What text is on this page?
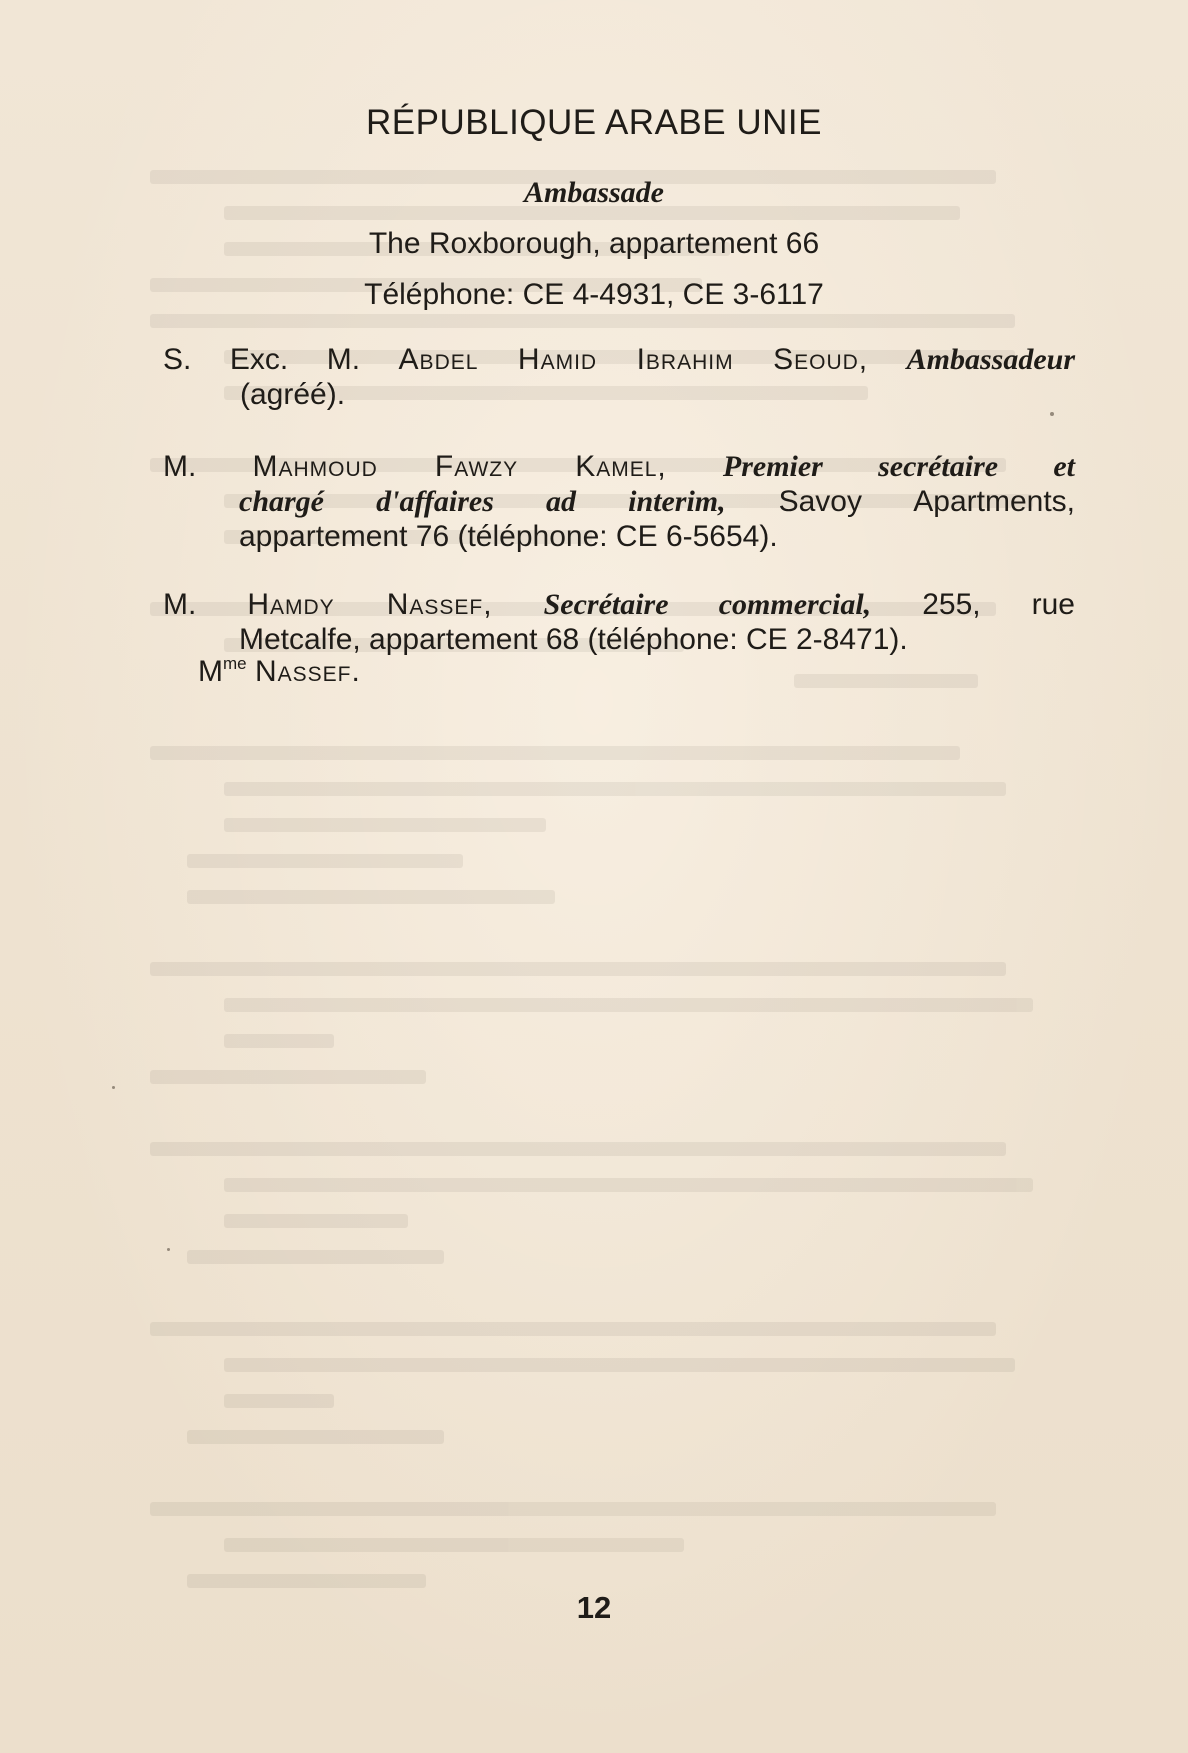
RÉPUBLIQUE ARABE UNIE
Ambassade
The Roxborough, appartement 66
Téléphone: CE 4-4931, CE 3-6117
S. Exc. M. Abdel Hamid Ibrahim Seoud, Ambassadeur
(agréé).
M. Mahmoud Fawzy Kamel, Premier secrétaire et
chargé d'affaires ad interim, Savoy Apartments,
appartement 76 (téléphone: CE 6-5654).
M. Hamdy Nassef, Secrétaire commercial, 255, rue
Metcalfe, appartement 68 (téléphone: CE 2-8471).
$M^{me}$ Nassef.
12
